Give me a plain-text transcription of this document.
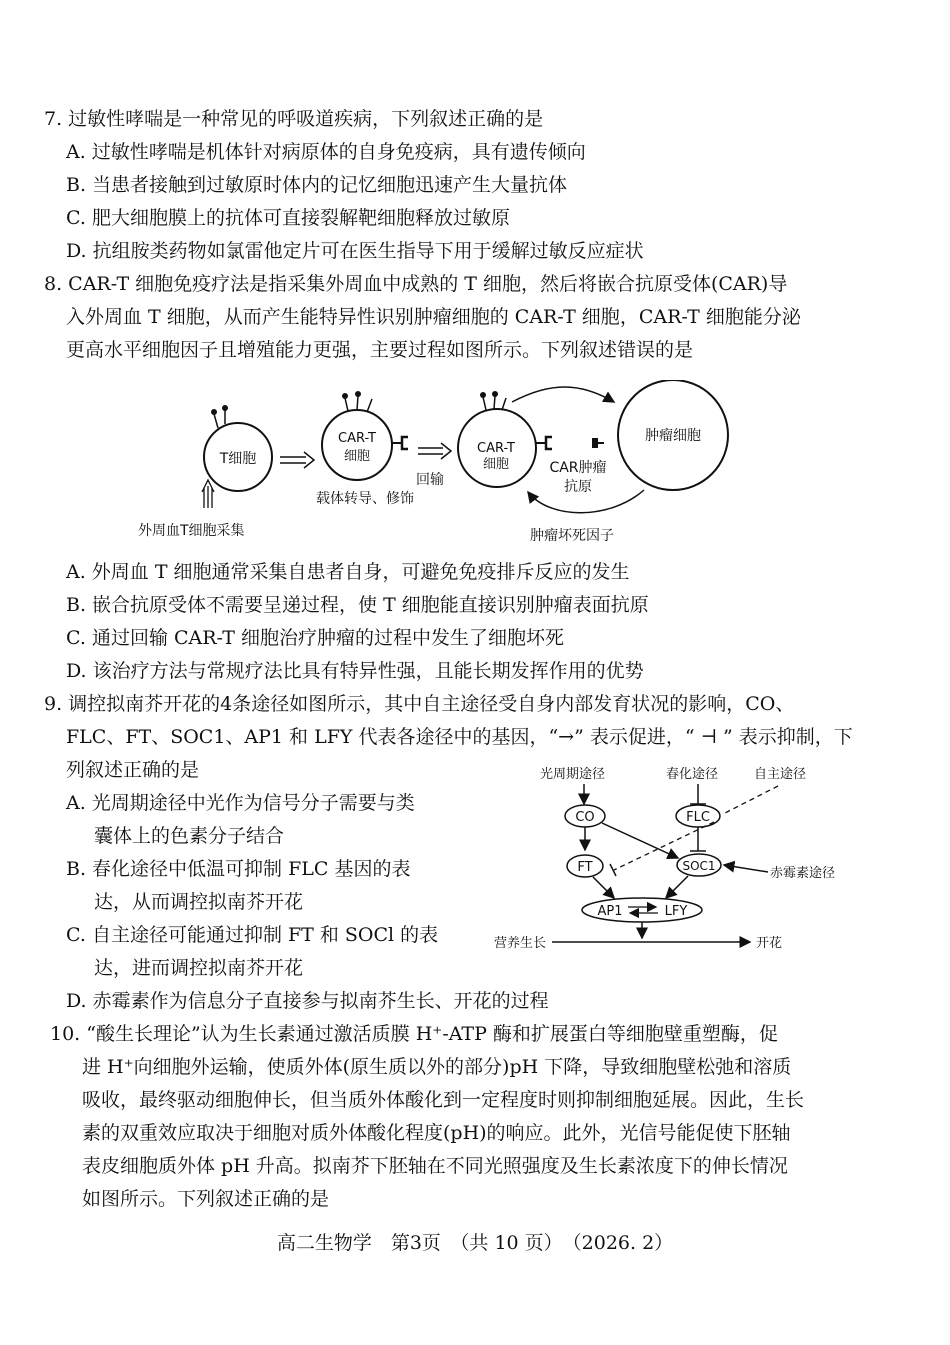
7. 过敏性哮喘是一种常见的呼吸道疾病，下列叙述正确的是
A. 过敏性哮喘是机体针对病原体的自身免疫病，具有遗传倾向
B. 当患者接触到过敏原时体内的记忆细胞迅速产生大量抗体
C. 肥大细胞膜上的抗体可直接裂解靶细胞释放过敏原
D. 抗组胺类药物如氯雷他定片可在医生指导下用于缓解过敏反应症状
8. CAR-T 细胞免疫疗法是指采集外周血中成熟的 T 细胞，然后将嵌合抗原受体(CAR)导
入外周血 T 细胞，从而产生能特异性识别肿瘤细胞的 CAR-T 细胞，CAR-T 细胞能分泌
更高水平细胞因子且增殖能力更强，主要过程如图所示。下列叙述错误的是
T细胞
CAR-T
细胞
载体转导、修饰
回输
CAR-T
细胞	CAR肿瘤
抗原
肿瘤细胞
肿瘤坏死因子
外周血T细胞采集
A. 外周血 T 细胞通常采集自患者自身，可避免免疫排斥反应的发生
B. 嵌合抗原受体不需要呈递过程，使 T 细胞能直接识别肿瘤表面抗原
C. 通过回输 CAR-T 细胞治疗肿瘤的过程中发生了细胞坏死
D. 该治疗方法与常规疗法比具有特异性强，且能长期发挥作用的优势
9. 调控拟南芥开花的4条途径如图所示，其中自主途径受自身内部发育状况的影响，CO、
FLC、FT、SOC1、AP1 和 LFY 代表各途径中的基因，“→” 表示促进，“ ⊣ ” 表示抑制，下
列叙述正确的是
A. 光周期途径中光作为信号分子需要与类
囊体上的色素分子结合
B. 春化途径中低温可抑制 FLC 基因的表
达，从而调控拟南芥开花
C. 自主途径可能通过抑制 FT 和 SOCl 的表
达，进而调控拟南芥开花
D. 赤霉素作为信息分子直接参与拟南芥生长、开花的过程
光周期途径	春化途径	自主途径
CO	FLC
FT	SOC1	赤霉素途径
AP1	LFY
营养生长	开花
10. “酸生长理论”认为生长素通过激活质膜 H⁺-ATP 酶和扩展蛋白等细胞壁重塑酶，促
进 H⁺向细胞外运输，使质外体(原生质以外的部分)pH 下降，导致细胞壁松弛和溶质
吸收，最终驱动细胞伸长，但当质外体酸化到一定程度时则抑制细胞延展。因此，生长
素的双重效应取决于细胞对质外体酸化程度(pH)的响应。此外，光信号能促使下胚轴
表皮细胞质外体 pH 升高。拟南芥下胚轴在不同光照强度及生长素浓度下的伸长情况
如图所示。下列叙述正确的是
高二生物学　第3页　（共 10 页）　（2026. 2）
